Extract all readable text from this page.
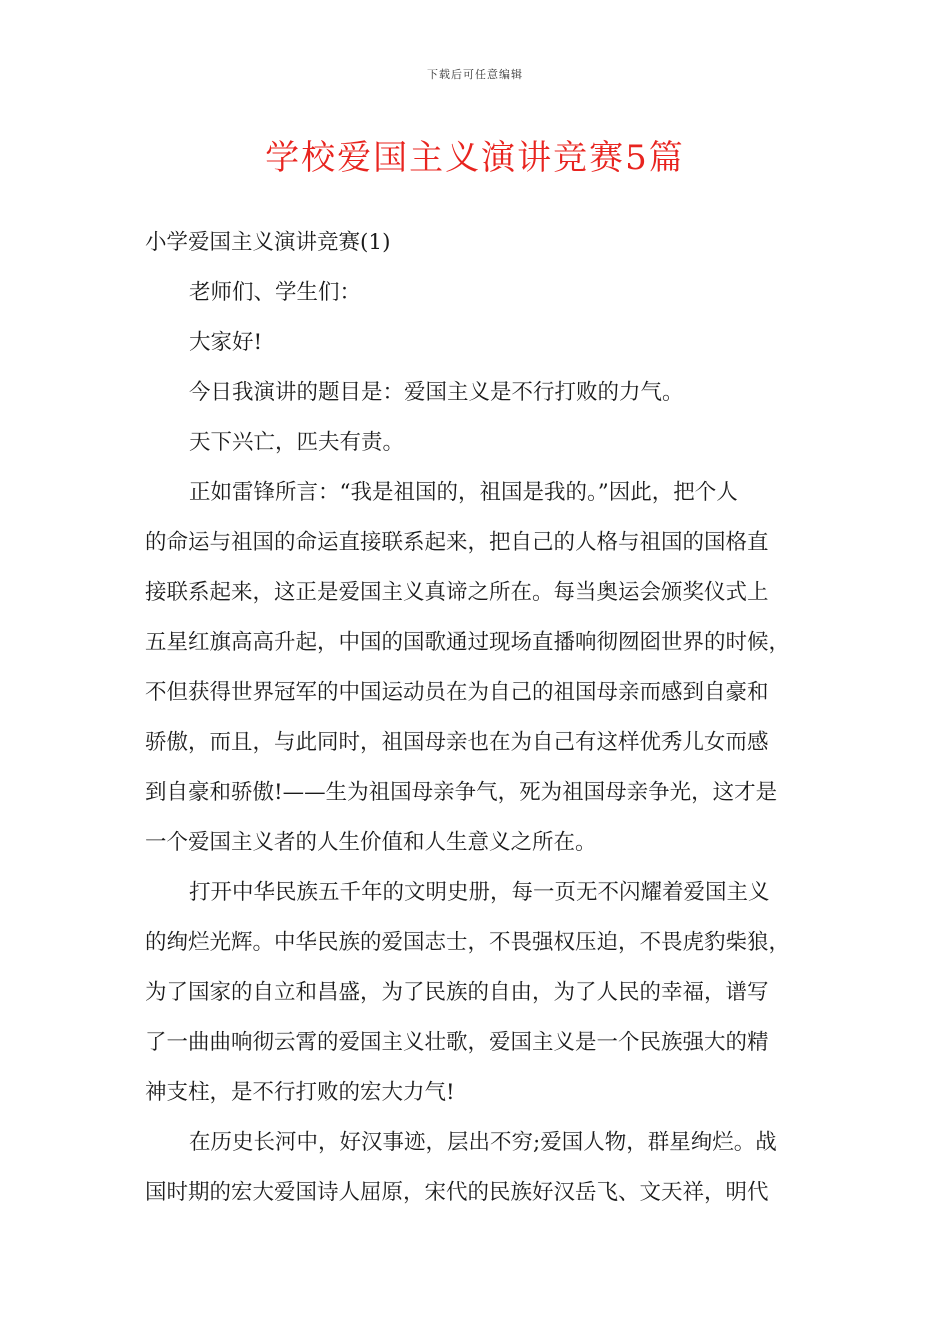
下载后可任意编辑
学校爱国主义演讲竞赛5篇

小学爱国主义演讲竞赛(1)

老师们、学生们：

大家好!

今日我演讲的题目是：爱国主义是不行打败的力气。

天下兴亡，匹夫有责。

正如雷锋所言：“我是祖国的，祖国是我的。”因此，把个人
的命运与祖国的命运直接联系起来，把自己的人格与祖国的国格直
接联系起来，这正是爱国主义真谛之所在。每当奥运会颁奖仪式上
五星红旗高高升起，中国的国歌通过现场直播响彻囫囵世界的时候，
不但获得世界冠军的中国运动员在为自己的祖国母亲而感到自豪和
骄傲，而且，与此同时，祖国母亲也在为自己有这样优秀儿女而感
到自豪和骄傲!——生为祖国母亲争气，死为祖国母亲争光，这才是
一个爱国主义者的人生价值和人生意义之所在。

打开中华民族五千年的文明史册，每一页无不闪耀着爱国主义
的绚烂光辉。中华民族的爱国志士，不畏强权压迫，不畏虎豹柴狼，
为了国家的自立和昌盛，为了民族的自由，为了人民的幸福，谱写
了一曲曲响彻云霄的爱国主义壮歌，爱国主义是一个民族强大的精
神支柱，是不行打败的宏大力气!

在历史长河中，好汉事迹，层出不穷;爱国人物，群星绚烂。战
国时期的宏大爱国诗人屈原，宋代的民族好汉岳飞、文天祥，明代
